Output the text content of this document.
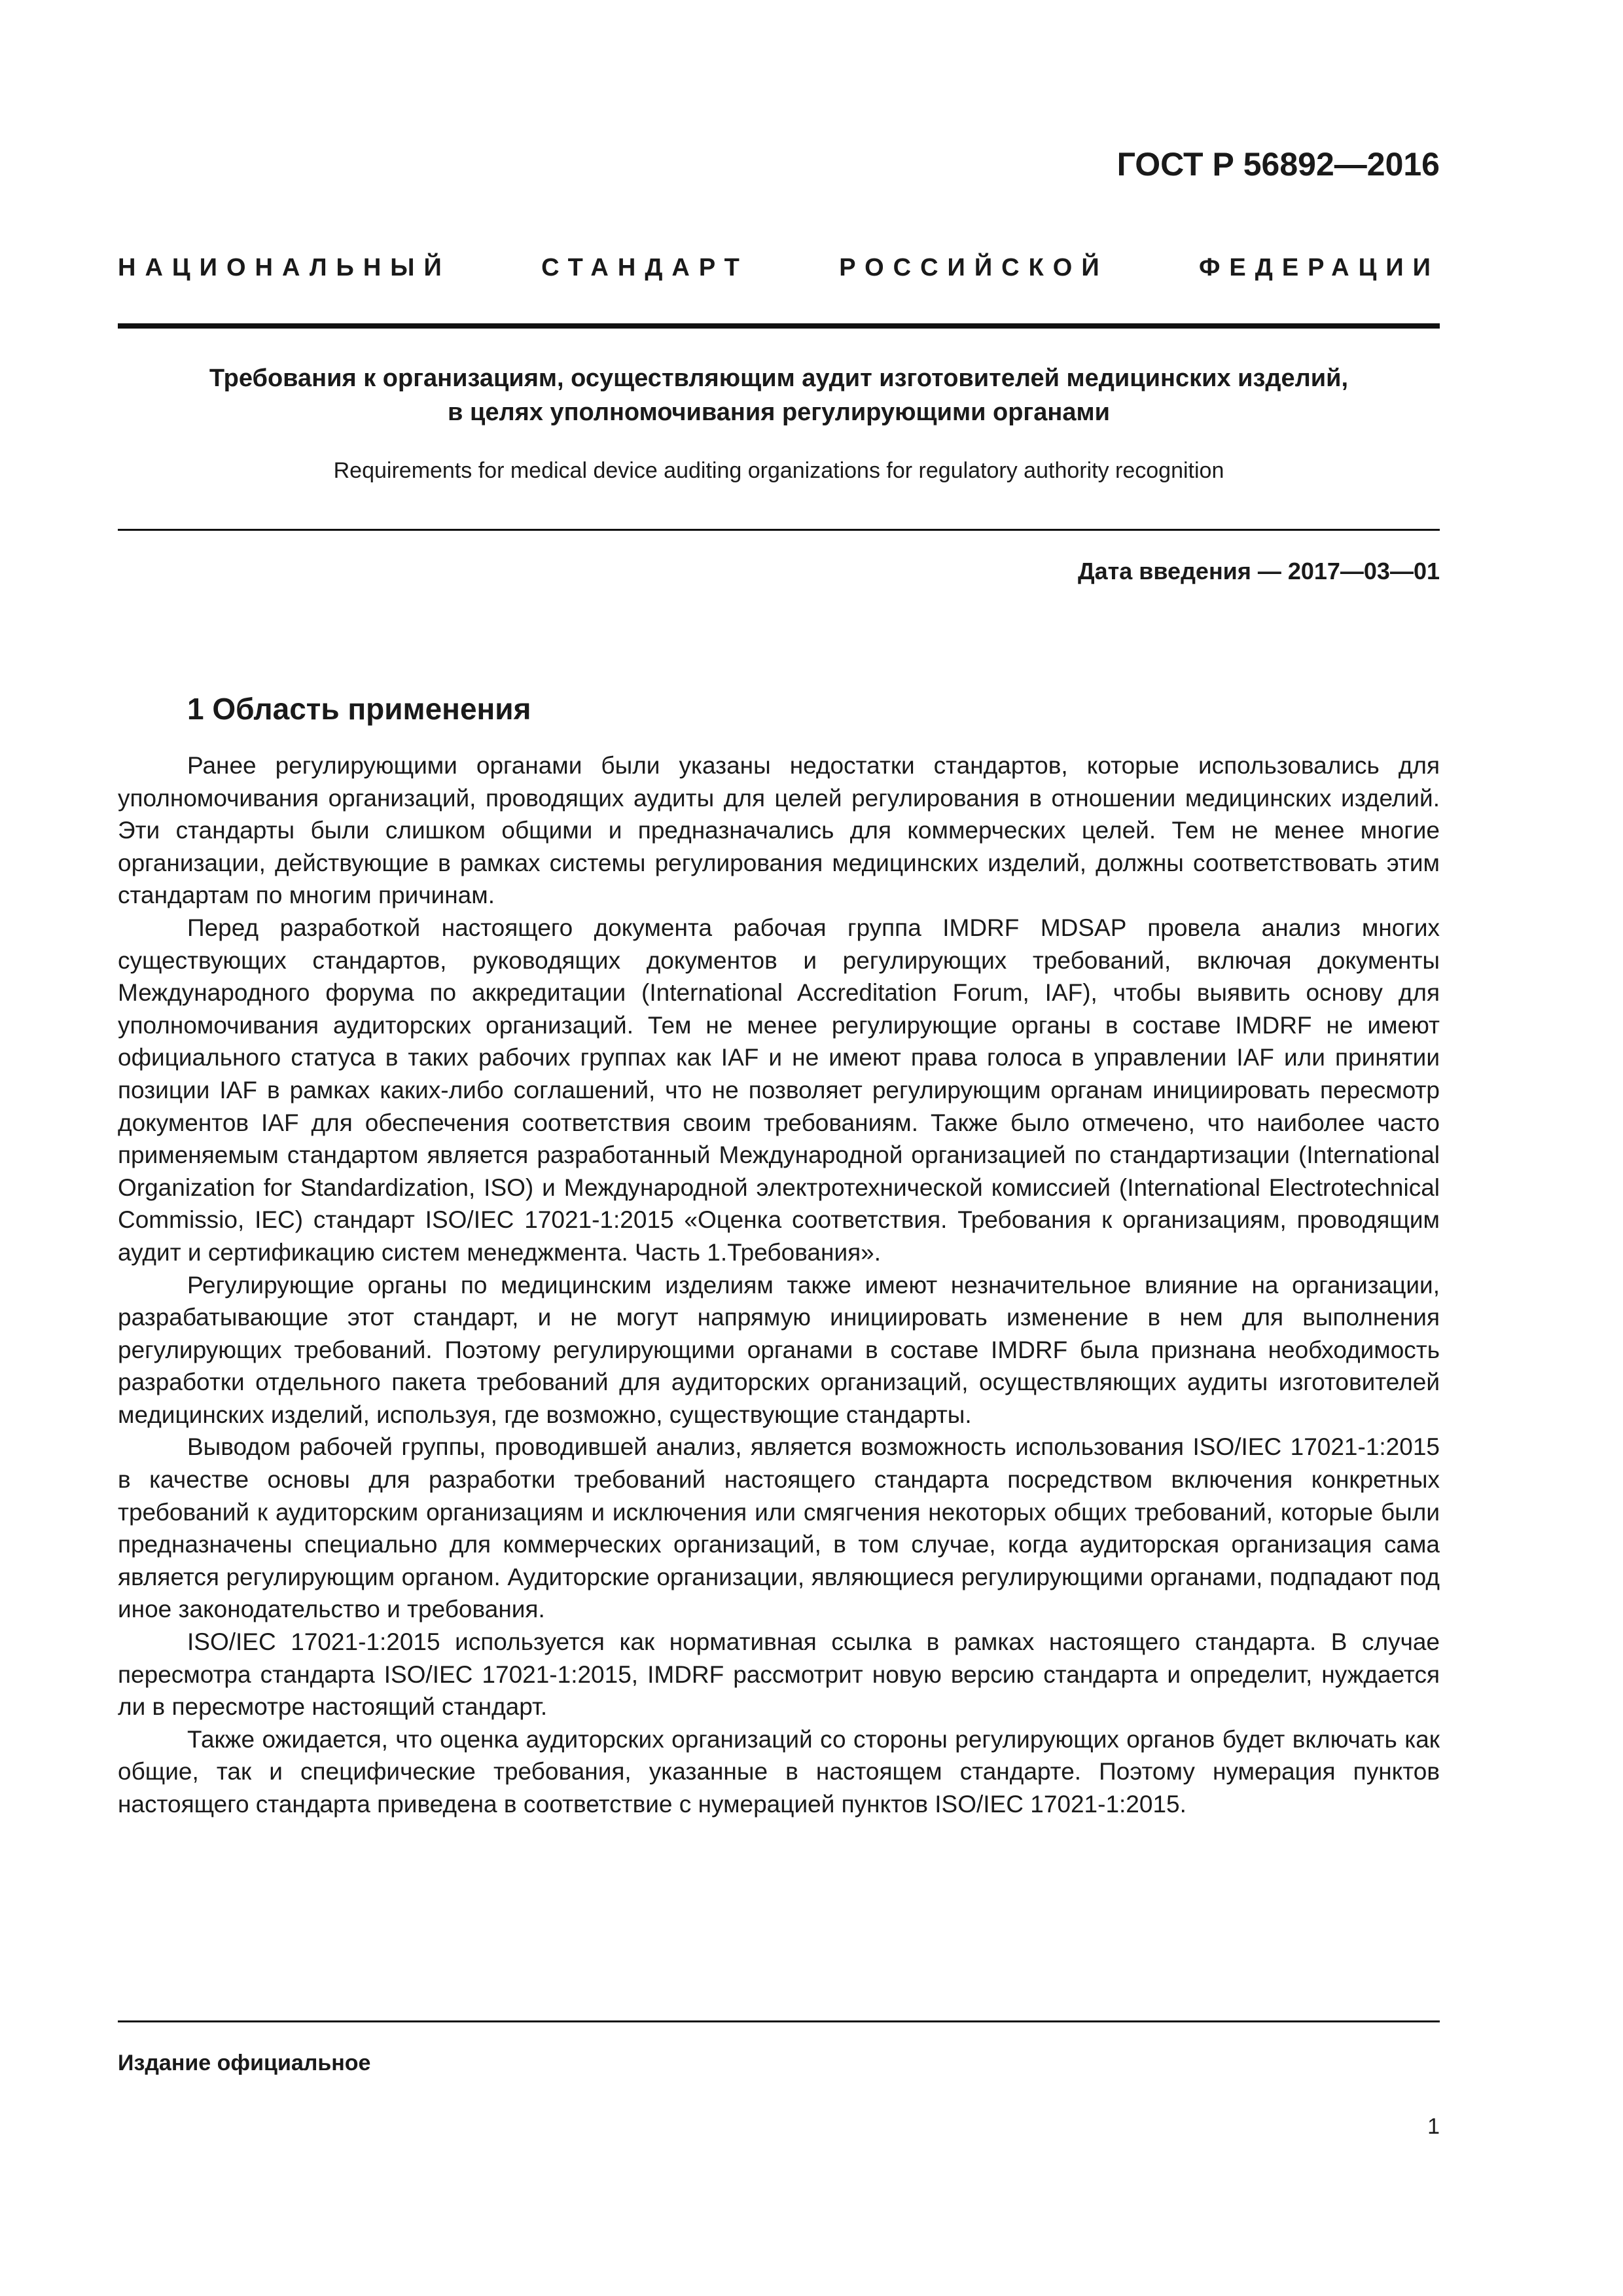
ГОСТ Р 56892—2016
НАЦИОНАЛЬНЫЙ СТАНДАРТ РОССИЙСКОЙ ФЕДЕРАЦИИ
Требования к организациям, осуществляющим аудит изготовителей медицинских изделий,
в целях уполномочивания регулирующими органами
Requirements for medical device auditing organizations for regulatory authority recognition
Дата введения — 2017—03—01
1 Область применения

Ранее регулирующими органами были указаны недостатки стандартов, которые использовались для уполномочивания организаций, проводящих аудиты для целей регулирования в отношении медицинских изделий. Эти стандарты были слишком общими и предназначались для коммерческих целей. Тем не менее многие организации, действующие в рамках системы регулирования медицинских изделий, должны соответствовать этим стандартам по многим причинам.

Перед разработкой настоящего документа рабочая группа IMDRF MDSAP провела анализ многих существующих стандартов, руководящих документов и регулирующих требований, включая документы Международного форума по аккредитации (International Accreditation Forum, IAF), чтобы выявить основу для уполномочивания аудиторских организаций. Тем не менее регулирующие органы в составе IMDRF не имеют официального статуса в таких рабочих группах как IAF и не имеют права голоса в управлении IAF или принятии позиции IAF в рамках каких-либо соглашений, что не позволяет регулирующим органам инициировать пересмотр документов IAF для обеспечения соответствия своим требованиям. Также было отмечено, что наиболее часто применяемым стандартом является разработанный Международной организацией по стандартизации (International Organization for Standardization, ISO) и Международной электротехнической комиссией (International Electrotechnical Commissio, IEC) стандарт ISO/IEC 17021-1:2015 «Оценка соответствия. Требования к организациям, проводящим аудит и сертификацию систем менеджмента. Часть 1.Требования».

Регулирующие органы по медицинским изделиям также имеют незначительное влияние на организации, разрабатывающие этот стандарт, и не могут напрямую инициировать изменение в нем для выполнения регулирующих требований. Поэтому регулирующими органами в составе IMDRF была признана необходимость разработки отдельного пакета требований для аудиторских организаций, осуществляющих аудиты изготовителей медицинских изделий, используя, где возможно, существующие стандарты.

Выводом рабочей группы, проводившей анализ, является возможность использования ISO/IEC 17021-1:2015 в качестве основы для разработки требований настоящего стандарта посредством включения конкретных требований к аудиторским организациям и исключения или смягчения некоторых общих требований, которые были предназначены специально для коммерческих организаций, в том случае, когда аудиторская организация сама является регулирующим органом. Аудиторские организации, являющиеся регулирующими органами, подпадают под иное законодательство и требования.

ISO/IEC 17021-1:2015 используется как нормативная ссылка в рамках настоящего стандарта. В случае пересмотра стандарта ISO/IEC 17021-1:2015, IMDRF рассмотрит новую версию стандарта и определит, нуждается ли в пересмотре настоящий стандарт.

Также ожидается, что оценка аудиторских организаций со стороны регулирующих органов будет включать как общие, так и специфические требования, указанные в настоящем стандарте. Поэтому нумерация пунктов настоящего стандарта приведена в соответствие с нумерацией пунктов ISO/IEC 17021-1:2015.

Издание официальное
1
